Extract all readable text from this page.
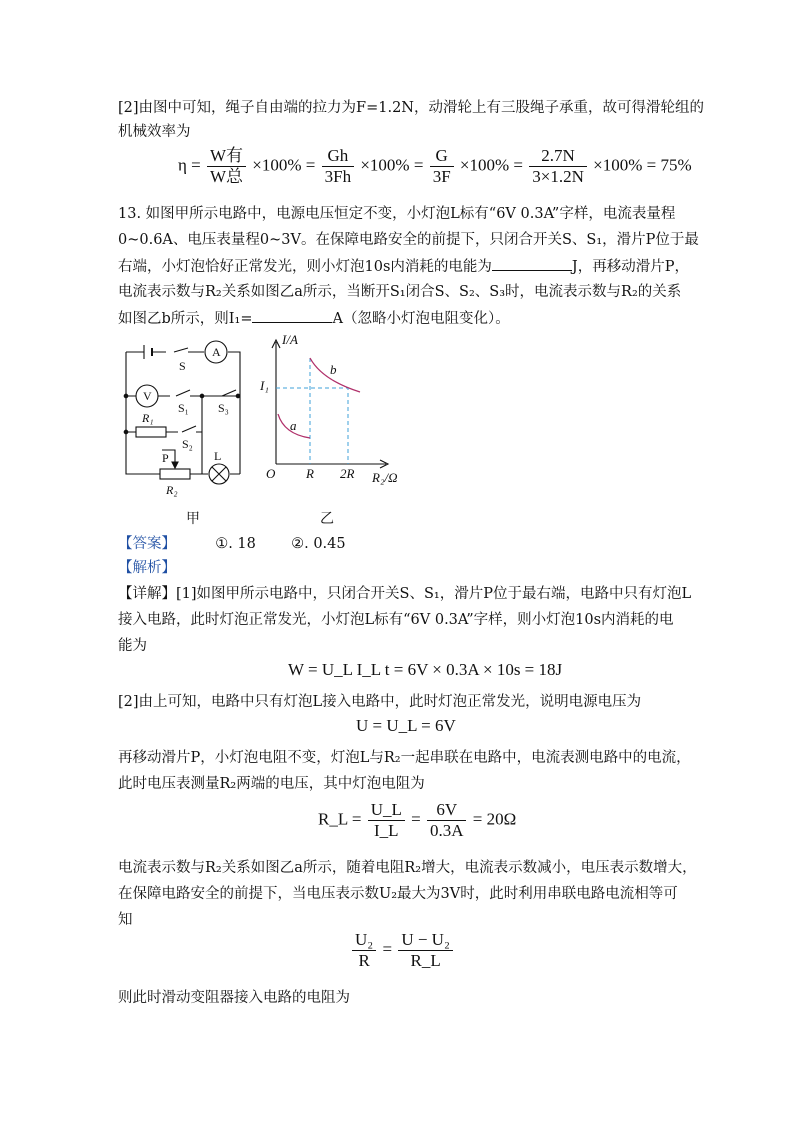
[2]由图中可知，绳子自由端的拉力为F=1.2N，动滑轮上有三股绳子承重，故可得滑轮组的
机械效率为
$\eta = \frac{\text{W有}}{\text{W总}} \times 100\% = \frac{Gh}{3Fh} \times 100\% = \frac{G}{3F} \times 100\% = \frac{2.7N}{3\times 1.2N} \times 100\% = 75\%$
13. 如图甲所示电路中，电源电压恒定不变，小灯泡L标有“6V 0.3A”字样，电流表量程
0~0.6A、电压表量程0~3V。在保障电路安全的前提下，只闭合开关S、S₁，滑片P位于最
右端，小灯泡恰好正常发光，则小灯泡10s内消耗的电能为	J，再移动滑片P，
电流表示数与R₂关系如图乙a所示，当断开S₁闭合S、S₂、S₃时，电流表示数与R₂的关系
如图乙b所示，则I₁=	A（忽略小灯泡电阻变化）。
A
S
V
S₁ S₃
R₁
S₂
P	L
R₂
甲
I/A
I₁
b
a
O R 2R R₂/Ω
乙
【答案】	①. 18 ②. 0.45
【解析】
【详解】[1]如图甲所示电路中，只闭合开关S、S₁，滑片P位于最右端，电路中只有灯泡L
接入电路，此时灯泡正常发光，小灯泡L标有“6V 0.3A”字样，则小灯泡10s内消耗的电
能为
W = U_L I_L t = 6V × 0.3A × 10s = 18J
[2]由上可知，电路中只有灯泡L接入电路中，此时灯泡正常发光，说明电源电压为
U = U_L = 6V
再移动滑片P，小灯泡电阻不变，灯泡L与R₂一起串联在电路中，电流表测电路中的电流，
此时电压表测量R₂两端的电压，其中灯泡电阻为
R_L = $\frac{U\_L}{I\_L} = \frac{6V}{0.3A} = 20\Omega$
电流表示数与R₂关系如图乙a所示，随着电阻R₂增大，电流表示数减小，电压表示数增大，
在保障电路安全的前提下，当电压表示数U₂最大为3V时，此时利用串联电路电流相等可
知
$\frac{\text{U₂}}{R} = \frac{\text{U − U₂}}{R\_L}$
则此时滑动变阻器接入电路的电阻为
